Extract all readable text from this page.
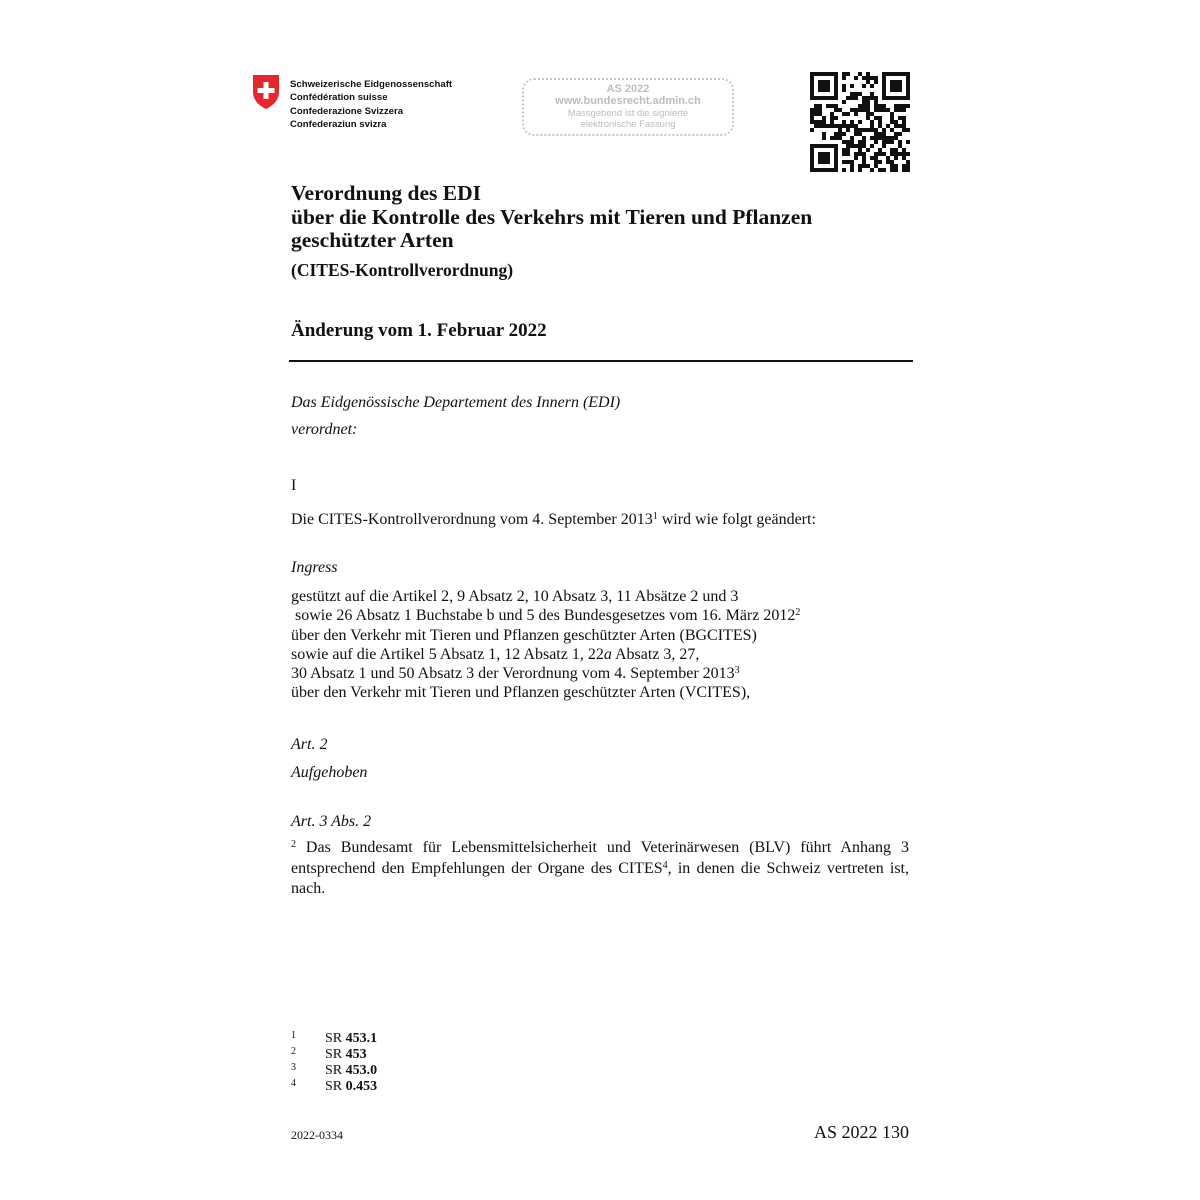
Schweizerische Eidgenossenschaft
Confédération suisse
Confederazione Svizzera
Confederaziun svizra
AS 2022
www.bundesrecht.admin.ch
Massgebend ist die signierte
elektronische Fassung
Verordnung des EDI
über die Kontrolle des Verkehrs mit Tieren und Pflanzen
geschützter Arten
(CITES-Kontrollverordnung)
Änderung vom 1. Februar 2022
Das Eidgenössische Departement des Innern (EDI)
verordnet:
I
Die CITES-Kontrollverordnung vom 4. September 2013$^1$ wird wie folgt geändert:
Ingress
gestützt auf die Artikel 2, 9 Absatz 2, 10 Absatz 3, 11 Absätze 2 und 3
sowie 26 Absatz 1 Buchstabe b und 5 des Bundesgesetzes vom 16. März 2012$^2$
über den Verkehr mit Tieren und Pflanzen geschützter Arten (BGCITES)
sowie auf die Artikel 5 Absatz 1, 12 Absatz 1, 22a Absatz 3, 27,
30 Absatz 1 und 50 Absatz 3 der Verordnung vom 4. September 2013$^3$
über den Verkehr mit Tieren und Pflanzen geschützter Arten (VCITES),
Art. 2
Aufgehoben
Art. 3 Abs. 2
$^2$ Das Bundesamt für Lebensmittelsicherheit und Veterinärwesen (BLV) führt Anhang 3 entsprechend den Empfehlungen der Organe des CITES$^4$, in denen die Schweiz vertreten ist, nach.
1	SR 453.1
2	SR 453
3	SR 453.0
4	SR 0.453
2022-0334	AS 2022 130
